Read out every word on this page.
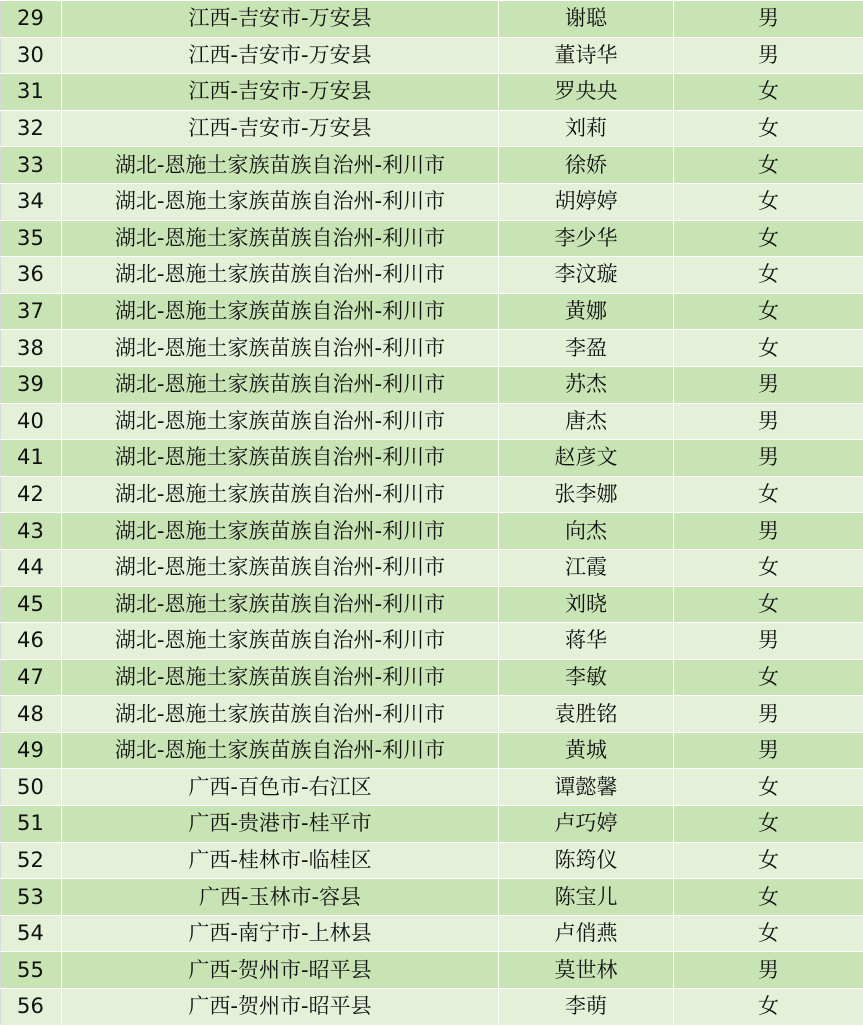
29	江西-吉安市-万安县	谢聪	男
30	江西-吉安市-万安县	董诗华	男
31	江西-吉安市-万安县	罗央央	女
32	江西-吉安市-万安县	刘莉	女
33	湖北-恩施土家族苗族自治州-利川市	徐娇	女
34	湖北-恩施土家族苗族自治州-利川市	胡婷婷	女
35	湖北-恩施土家族苗族自治州-利川市	李少华	女
36	湖北-恩施土家族苗族自治州-利川市	李汶璇	女
37	湖北-恩施土家族苗族自治州-利川市	黄娜	女
38	湖北-恩施土家族苗族自治州-利川市	李盈	女
39	湖北-恩施土家族苗族自治州-利川市	苏杰	男
40	湖北-恩施土家族苗族自治州-利川市	唐杰	男
41	湖北-恩施土家族苗族自治州-利川市	赵彦文	男
42	湖北-恩施土家族苗族自治州-利川市	张李娜	女
43	湖北-恩施土家族苗族自治州-利川市	向杰	男
44	湖北-恩施土家族苗族自治州-利川市	江霞	女
45	湖北-恩施土家族苗族自治州-利川市	刘晓	女
46	湖北-恩施土家族苗族自治州-利川市	蒋华	男
47	湖北-恩施土家族苗族自治州-利川市	李敏	女
48	湖北-恩施土家族苗族自治州-利川市	袁胜铭	男
49	湖北-恩施土家族苗族自治州-利川市	黄城	男
50	广西-百色市-右江区	谭懿馨	女
51	广西-贵港市-桂平市	卢巧婷	女
52	广西-桂林市-临桂区	陈筠仪	女
53	广西-玉林市-容县	陈宝儿	女
54	广西-南宁市-上林县	卢俏燕	女
55	广西-贺州市-昭平县	莫世林	男
56	广西-贺州市-昭平县	李萌	女
